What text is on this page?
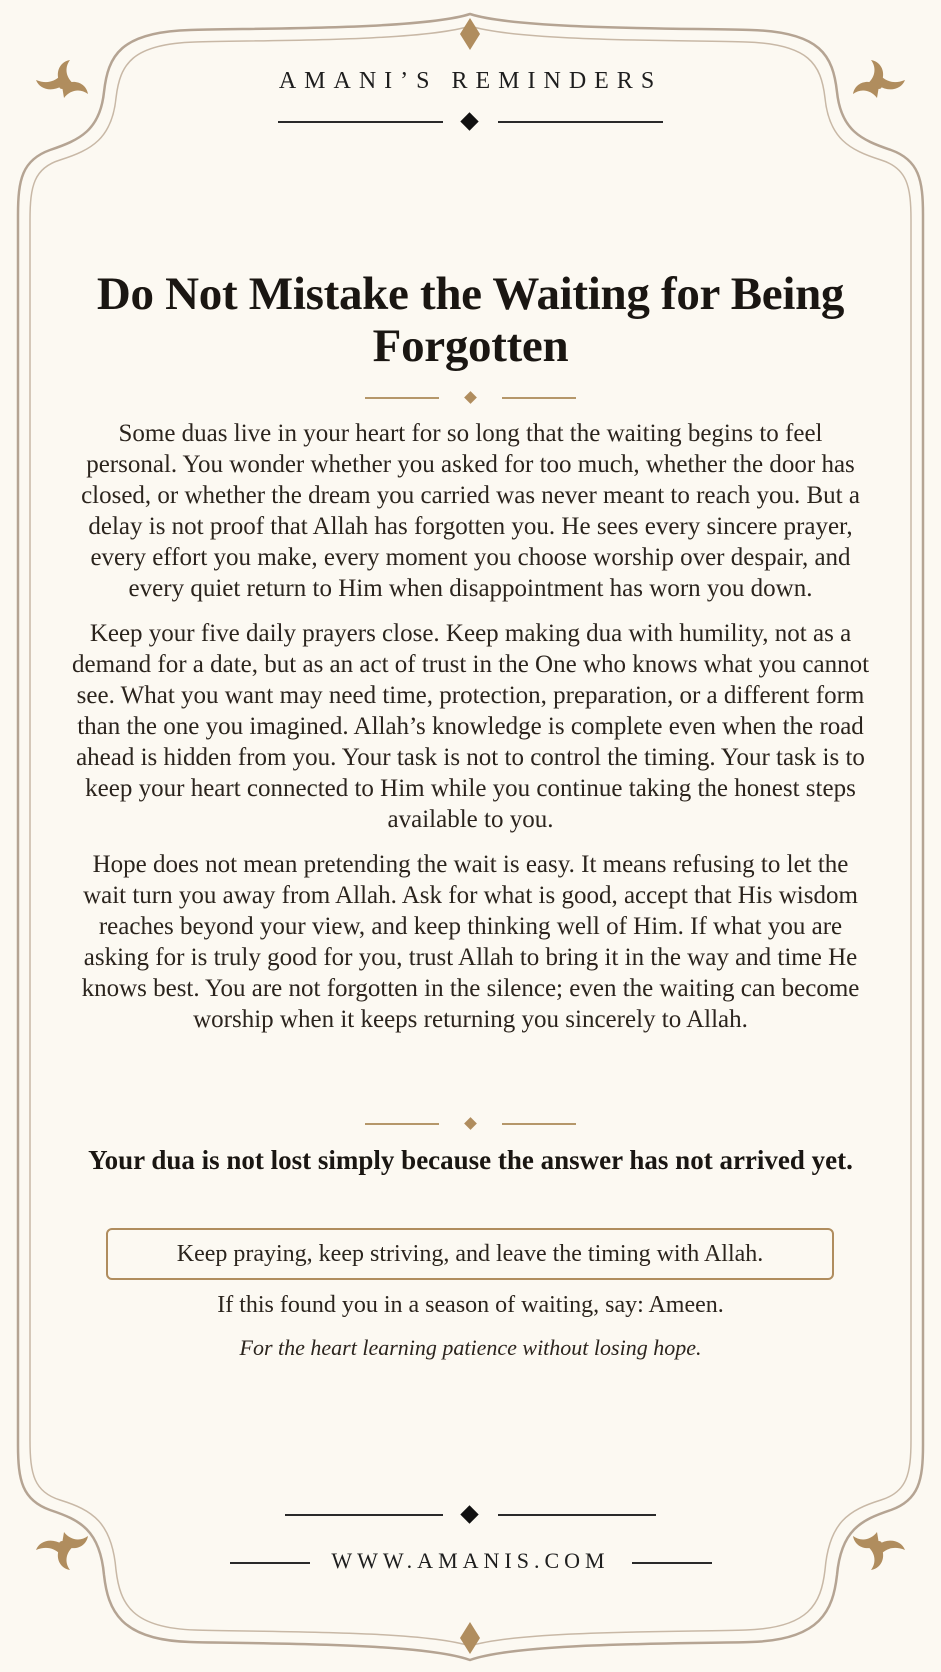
AMANI’S REMINDERS
Do Not Mistake the Waiting for Being Forgotten

Some duas live in your heart for so long that the waiting begins to feel personal. You wonder whether you asked for too much, whether the door has closed, or whether the dream you carried was never meant to reach you. But a delay is not proof that Allah has forgotten you. He sees every sincere prayer, every effort you make, every moment you choose worship over despair, and every quiet return to Him when disappointment has worn you down.

Keep your five daily prayers close. Keep making dua with humility, not as a demand for a date, but as an act of trust in the One who knows what you cannot see. What you want may need time, protection, preparation, or a different form than the one you imagined. Allah’s knowledge is complete even when the road ahead is hidden from you. Your task is not to control the timing. Your task is to keep your heart connected to Him while you continue taking the honest steps available to you.

Hope does not mean pretending the wait is easy. It means refusing to let the wait turn you away from Allah. Ask for what is good, accept that His wisdom reaches beyond your view, and keep thinking well of Him. If what you are asking for is truly good for you, trust Allah to bring it in the way and time He knows best. You are not forgotten in the silence; even the waiting can become worship when it keeps returning you sincerely to Allah.

Your dua is not lost simply because the answer has not arrived yet.
Keep praying, keep striving, and leave the timing with Allah.
If this found you in a season of waiting, say: Ameen.
For the heart learning patience without losing hope.
WWW.AMANIS.COM
